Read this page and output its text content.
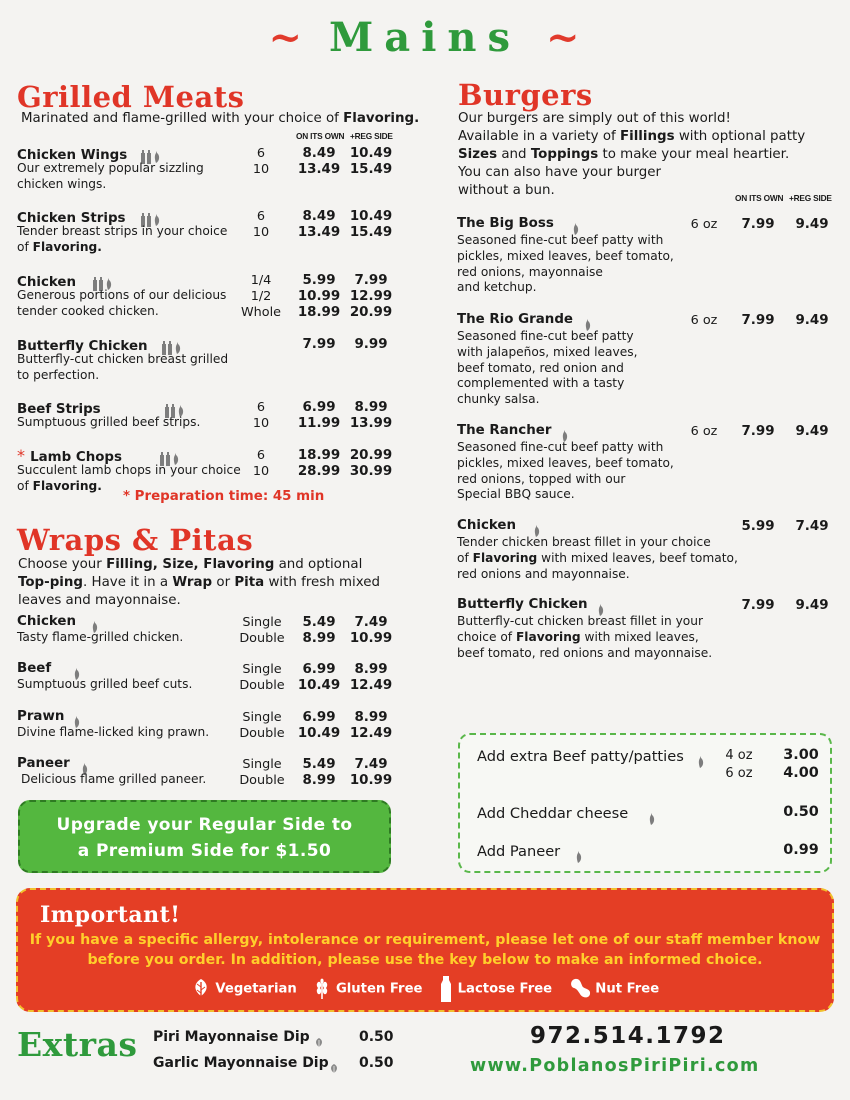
~ Mains ~
Grilled Meats
Marinated and flame-grilled with your choice of Flavoring.
ON ITS OWN +REG SIDE
Chicken Wings
Our extremely popular sizzling chicken wings.
6	8.49	10.49
10	13.49 15.49
Chicken Strips
Tender breast strips in your choice of Flavoring.
6	8.49	10.49
10	13.49 15.49
Chicken
Generous portions of our delicious tender cooked chicken.
1/4	5.99	7.99
1/2	10.99 12.99
Whole	18.99 20.99
Butterfly Chicken
Butterfly-cut chicken breast grilled to perfection.
7.99	9.99
Beef Strips
Sumptuous grilled beef strips.
6	6.99	8.99
10	11.99 13.99
* Lamb Chops
Succulent lamb chops in your choice of Flavoring.
6	18.99 20.99
10	28.99 30.99
* Preparation time: 45 min
Wraps & Pitas
Choose your Filling, Size, Flavoring and optional Top-ping. Have it in a Wrap or Pita with fresh mixed leaves and mayonnaise.
Chicken
Tasty flame-grilled chicken.
Single	5.49	7.49
Double	8.99	10.99
Beef
Sumptuous grilled beef cuts.
Single	6.99	8.99
Double 10.49 12.49
Prawn
Divine flame-licked king prawn.
Single	6.99	8.99
Double 10.49 12.49
Paneer
Delicious flame grilled paneer.
Single	5.49	7.49
Double	8.99	10.99
Upgrade your Regular Side to
a Premium Side for $1.50
Burgers
Our burgers are simply out of this world!
Available in a variety of Fillings with optional patty
Sizes and Toppings to make your meal heartier.
You can also have your burger
without a bun.	ON ITS OWN +REG SIDE
The Big Boss	6 oz	7.99	9.49
Seasoned fine-cut beef patty with
pickles, mixed leaves, beef tomato,
red onions, mayonnaise
and ketchup.
The Rio Grande	6 oz	7.99	9.49
Seasoned fine-cut beef patty
with jalapeños, mixed leaves,
beef tomato, red onion and
complemented with a tasty
chunky salsa.
The Rancher	6 oz	7.99	9.49
Seasoned fine-cut beef patty with
pickles, mixed leaves, beef tomato,
red onions, topped with our
Special BBQ sauce.
Chicken	5.99	7.49
Tender chicken breast fillet in your choice
of Flavoring with mixed leaves, beef tomato,
red onions and mayonnaise.
Butterfly Chicken	7.99	9.49
Butterfly-cut chicken breast fillet in your
choice of Flavoring with mixed leaves,
beef tomato, red onions and mayonnaise.
Add extra Beef patty/patties	4 oz	3.00
6 oz	4.00
Add Cheddar cheese	0.50
Add Paneer	0.99
Important!
If you have a specific allergy, intolerance or requirement, please let one of our staff member know
before you order. In addition, please use the key below to make an informed choice.
Vegetarian	Gluten Free	Lactose Free	Nut Free
Extras Piri Mayonnaise Dip	0.50
Garlic Mayonnaise Dip 0.50
972.514.1792
www.PoblanosPiriPiri.com
